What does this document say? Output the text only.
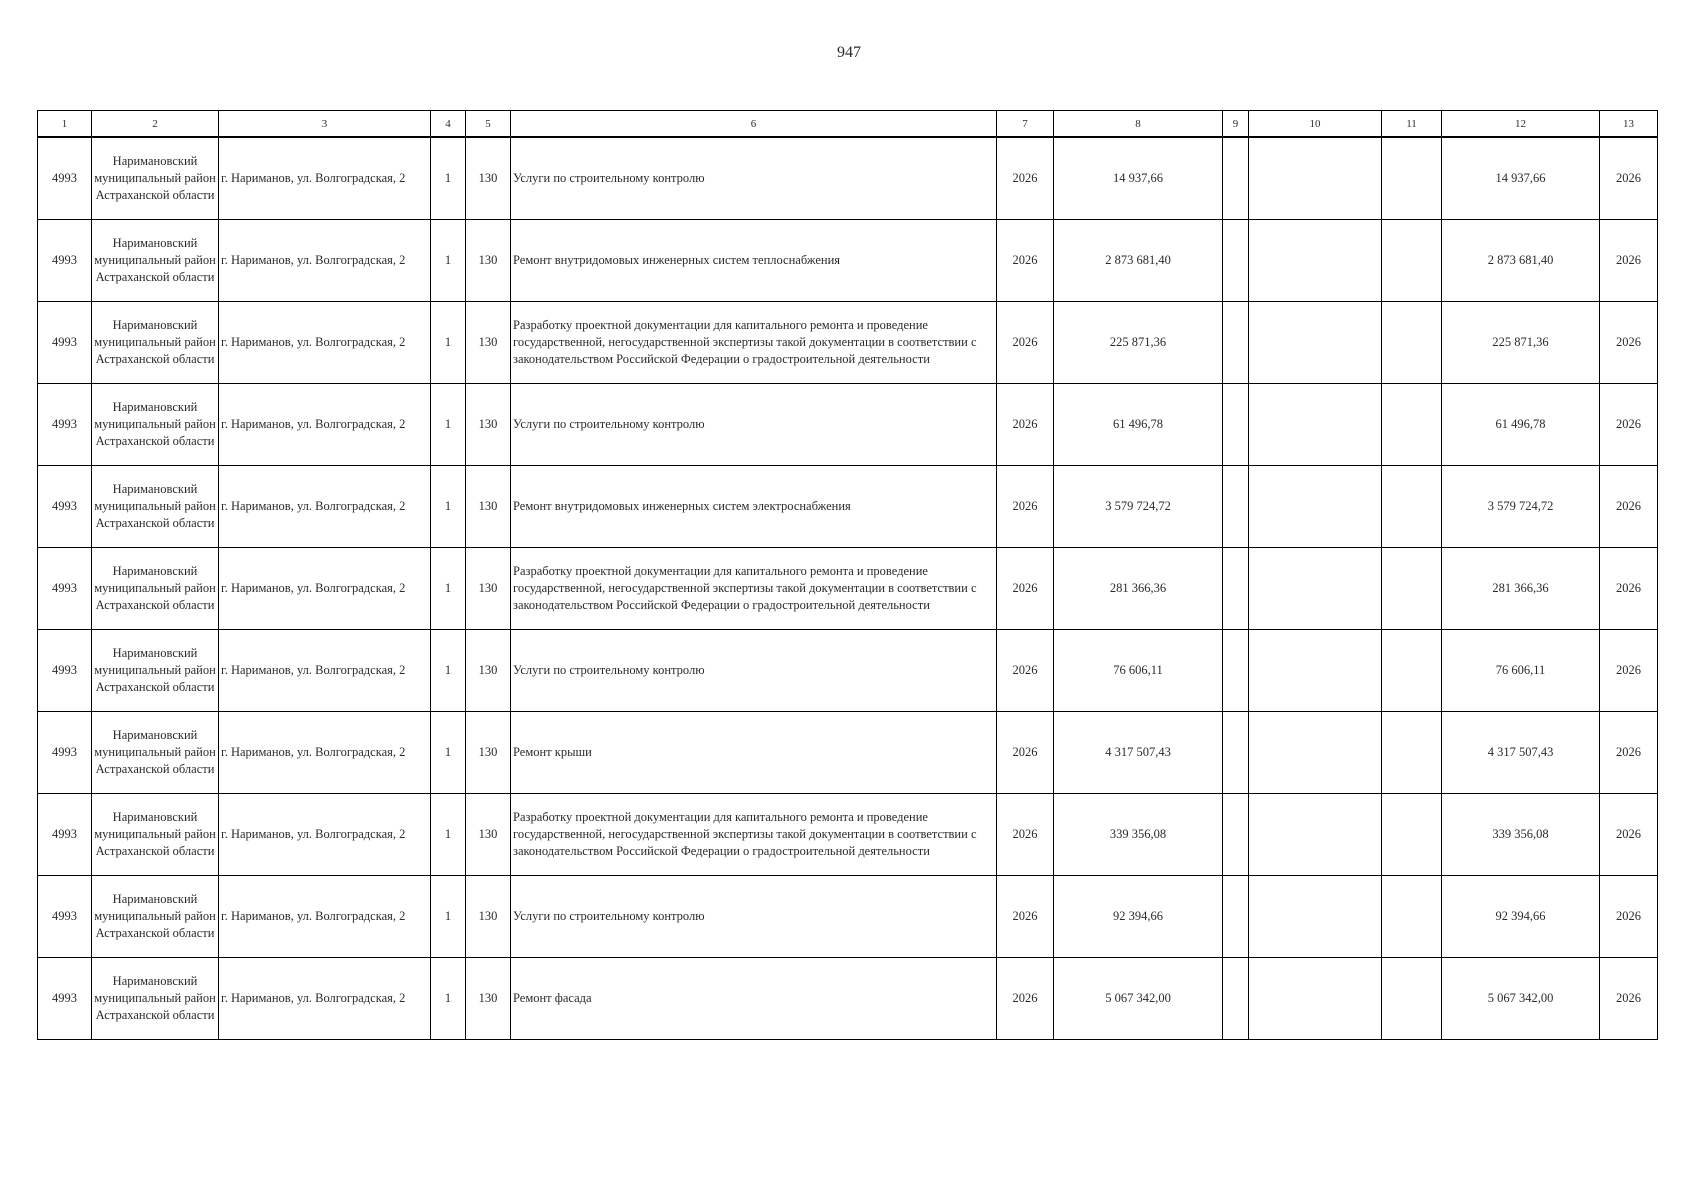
947
1	2	3	4	5	6	7	8	9	10	11	12	13
4993	Наримановский муниципальный район Астраханской области	г. Нариманов, ул. Волгоградская, 2	1	130	Услуги по строительному контролю	2026	14 937,66				14 937,66	2026
4993	Наримановский муниципальный район Астраханской области	г. Нариманов, ул. Волгоградская, 2	1	130	Ремонт внутридомовых инженерных систем теплоснабжения	2026	2 873 681,40				2 873 681,40	2026
4993	Наримановский муниципальный район Астраханской области	г. Нариманов, ул. Волгоградская, 2	1	130	Разработку проектной документации для капитального ремонта и проведение государственной, негосударственной экспертизы такой документации в соответствии с законодательством Российской Федерации о градостроительной деятельности	2026	225 871,36				225 871,36	2026
4993	Наримановский муниципальный район Астраханской области	г. Нариманов, ул. Волгоградская, 2	1	130	Услуги по строительному контролю	2026	61 496,78				61 496,78	2026
4993	Наримановский муниципальный район Астраханской области	г. Нариманов, ул. Волгоградская, 2	1	130	Ремонт внутридомовых инженерных систем электроснабжения	2026	3 579 724,72				3 579 724,72	2026
4993	Наримановский муниципальный район Астраханской области	г. Нариманов, ул. Волгоградская, 2	1	130	Разработку проектной документации для капитального ремонта и проведение государственной, негосударственной экспертизы такой документации в соответствии с законодательством Российской Федерации о градостроительной деятельности	2026	281 366,36				281 366,36	2026
4993	Наримановский муниципальный район Астраханской области	г. Нариманов, ул. Волгоградская, 2	1	130	Услуги по строительному контролю	2026	76 606,11				76 606,11	2026
4993	Наримановский муниципальный район Астраханской области	г. Нариманов, ул. Волгоградская, 2	1	130	Ремонт крыши	2026	4 317 507,43				4 317 507,43	2026
4993	Наримановский муниципальный район Астраханской области	г. Нариманов, ул. Волгоградская, 2	1	130	Разработку проектной документации для капитального ремонта и проведение государственной, негосударственной экспертизы такой документации в соответствии с законодательством Российской Федерации о градостроительной деятельности	2026	339 356,08				339 356,08	2026
4993	Наримановский муниципальный район Астраханской области	г. Нариманов, ул. Волгоградская, 2	1	130	Услуги по строительному контролю	2026	92 394,66				92 394,66	2026
4993	Наримановский муниципальный район Астраханской области	г. Нариманов, ул. Волгоградская, 2	1	130	Ремонт фасада	2026	5 067 342,00				5 067 342,00	2026
